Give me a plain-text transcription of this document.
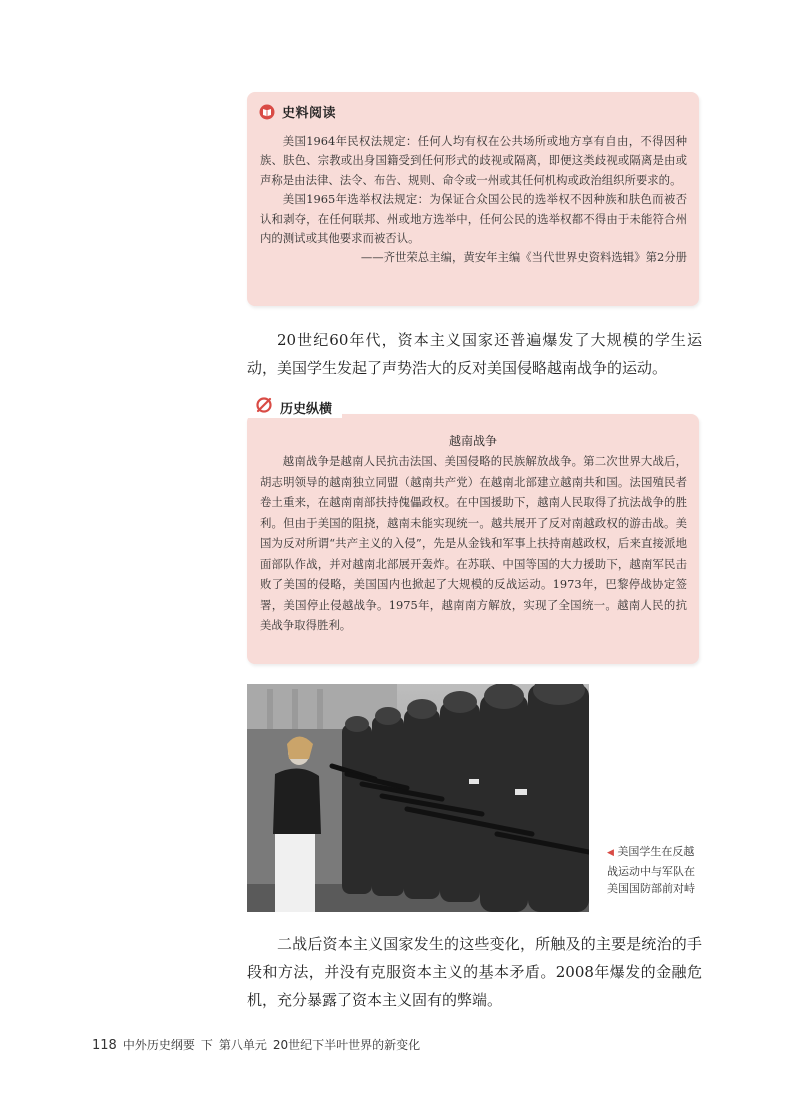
史料阅读

美国1964年民权法规定：任何人均有权在公共场所或地方享有自由，不得因种族、肤色、宗教或出身国籍受到任何形式的歧视或隔离，即便这类歧视或隔离是由或声称是由法律、法令、布告、规则、命令或一州或其任何机构或政治组织所要求的。

美国1965年选举权法规定：为保证合众国公民的选举权不因种族和肤色而被否认和剥夺，在任何联邦、州或地方选举中，任何公民的选举权都不得由于未能符合州内的测试或其他要求而被否认。

——齐世荣总主编，黄安年主编《当代世界史资料选辑》第2分册

20世纪60年代，资本主义国家还普遍爆发了大规模的学生运动，美国学生发起了声势浩大的反对美国侵略越南战争的运动。

越南战争

越南战争是越南人民抗击法国、美国侵略的民族解放战争。第二次世界大战后，胡志明领导的越南独立同盟（越南共产党）在越南北部建立越南共和国。法国殖民者卷土重来，在越南南部扶持傀儡政权。在中国援助下，越南人民取得了抗法战争的胜利。但由于美国的阻挠，越南未能实现统一。越共展开了反对南越政权的游击战。美国为反对所谓“共产主义的入侵”，先是从金钱和军事上扶持南越政权，后来直接派地面部队作战，并对越南北部展开轰炸。在苏联、中国等国的大力援助下，越南军民击败了美国的侵略，美国国内也掀起了大规模的反战运动。1973年，巴黎停战协定签署，美国停止侵越战争。1975年，越南南方解放，实现了全国统一。越南人民的抗美战争取得胜利。

历史纵横
◀ 美国学生在反越战运动中与军队在美国国防部前对峙

二战后资本主义国家发生的这些变化，所触及的主要是统治的手段和方法，并没有克服资本主义的基本矛盾。2008年爆发的金融危机，充分暴露了资本主义固有的弊端。

118 中外历史纲要 下 第八单元 20世纪下半叶世界的新变化
